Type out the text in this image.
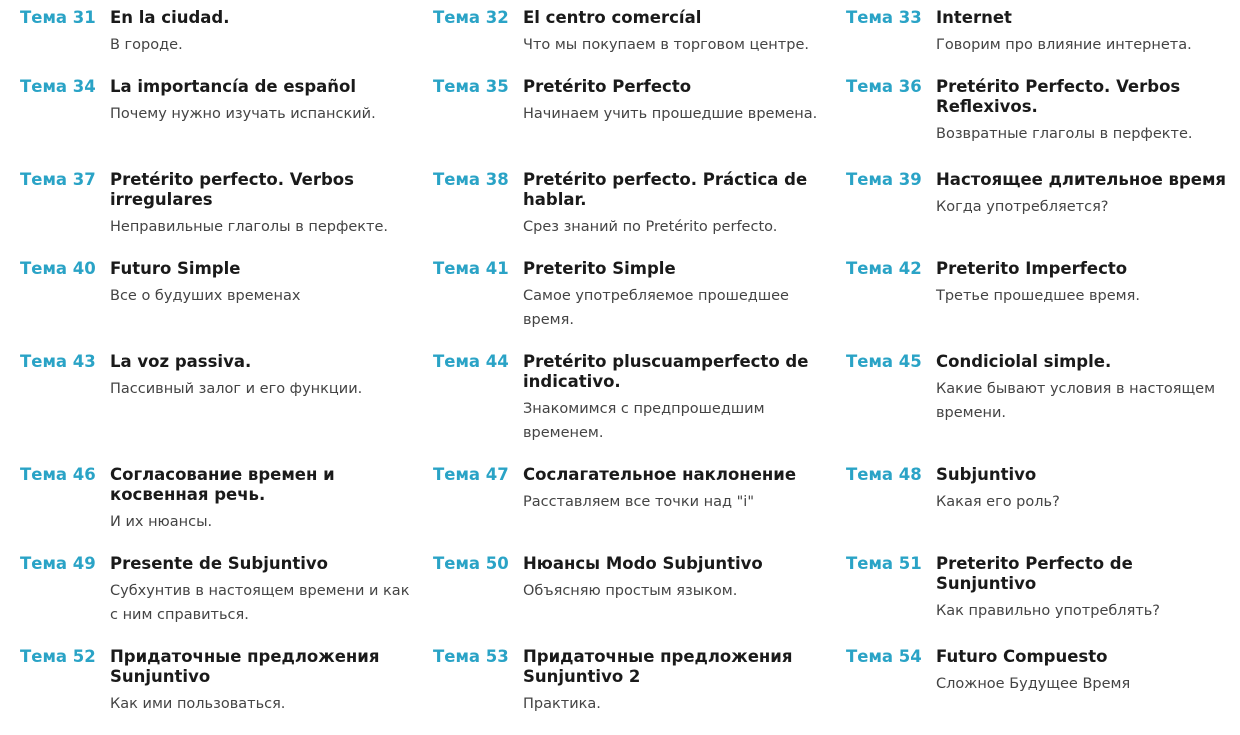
Тема 31 En la ciudad.
В городе.
Тема 32 El centro comercíal
Что мы покупаем в торговом центре.
Тема 33 Internet
Говорим про влияние интернета.
Тема 34 La importancía de español
Почему нужно изучать испанский.
Тема 35 Pretérito Perfecto
Начинаем учить прошедшие времена.
Тема 36 Pretérito Perfecto. Verbos Reflexivos.
Возвратные глаголы в перфекте.
Тема 37 Pretérito perfecto. Verbos irregulares
Неправильные глаголы в перфекте.
Тема 38 Pretérito perfecto. Práctica de hablar.
Срез знаний по Pretérito perfecto.
Тема 39 Настоящее длительное время
Когда употребляется?
Тема 40 Futuro Simple
Все о будуших временах
Тема 41 Preterito Simple
Самое употребляемое прошедшее время.
Тема 42 Preterito Imperfecto
Третье прошедшее время.
Тема 43 La voz passiva.
Пассивный залог и его функции.
Тема 44 Pretérito pluscuamperfecto de indicativo.
Знакомимся с предпрошедшим временем.
Тема 45 Condiciolal simple.
Какие бывают условия в настоящем времени.
Тема 46 Согласование времен и косвенная речь.
И их нюансы.
Тема 47 Сослагательное наклонение
Расставляем все точки над "i"
Тема 48 Subjuntivo
Какая его роль?
Тема 49 Presente de Subjuntivo
Субхунтив в настоящем времени и как с ним справиться.
Тема 50 Нюансы Modo Subjuntivo
Объясняю простым языком.
Тема 51 Preterito Perfecto de Sunjuntivo
Как правильно употреблять?
Тема 52 Придаточные предложения Sunjuntivo
Как ими пользоваться.
Тема 53 Придаточные предложения Sunjuntivo 2
Практика.
Тема 54 Futuro Compuesto
Сложное Будущее Время
